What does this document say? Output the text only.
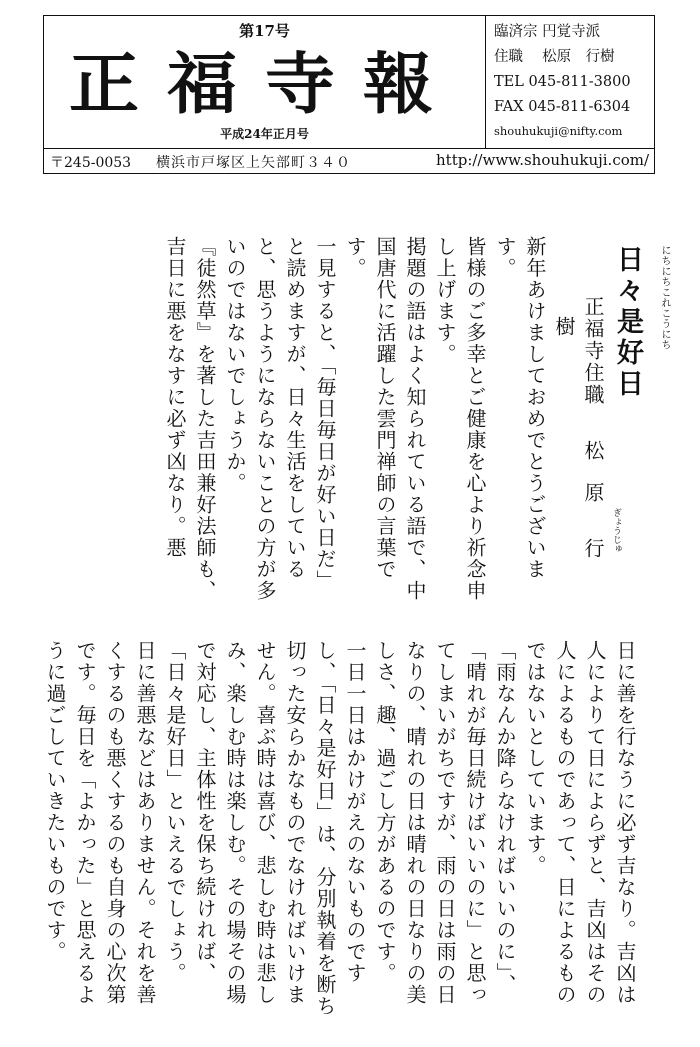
第17号
正福寺報
平成24年正月号
臨済宗 円覚寺派
住職　 松原　行樹
TEL 045-811-3800
FAX 045-811-6304
shouhukuji@nifty.com
〒245-0053 横浜市戸塚区上矢部町３４０	http://www.shouhukuji.com/
にちにちこれこうにち
日々是好日
正福寺住職松原行樹
ぎょうじゅ

新年あけましておめでとうございます。

皆様のご多幸とご健康を心より祈念申し上げます。

掲題の語はよく知られている語で、中国唐代に活躍した雲門禅師の言葉です。

一見すると、「毎日毎日が好い日だ」と読めますが、日々生活をしていると、思うようにならないことの方が多いのではないでしょうか。

『徒然草』を著した吉田兼好法師も、吉日に悪をなすに必ず凶なり。悪

日に善を行なうに必ず吉なり。吉凶は人によりて日によらずと、吉凶はその人によるものであって、日によるものではないとしています。

「雨なんか降らなければいいのに」、「晴れが毎日続けばいいのに」と思ってしまいがちですが、雨の日は雨の日なりの、晴れの日は晴れの日なりの美しさ、趣、過ごし方があるのです。

一日一日はかけがえのないものですし、「日々是好日」は、分別執着を断ち切った安らかなものでなければいけません。喜ぶ時は喜び、悲しむ時は悲しみ、楽しむ時は楽しむ。その場その場で対応し、主体性を保ち続ければ、「日々是好日」といえるでしょう。

日に善悪などはありません。それを善くするのも悪くするのも自身の心次第です。毎日を「よかった」と思えるように過ごしていきたいものです。
